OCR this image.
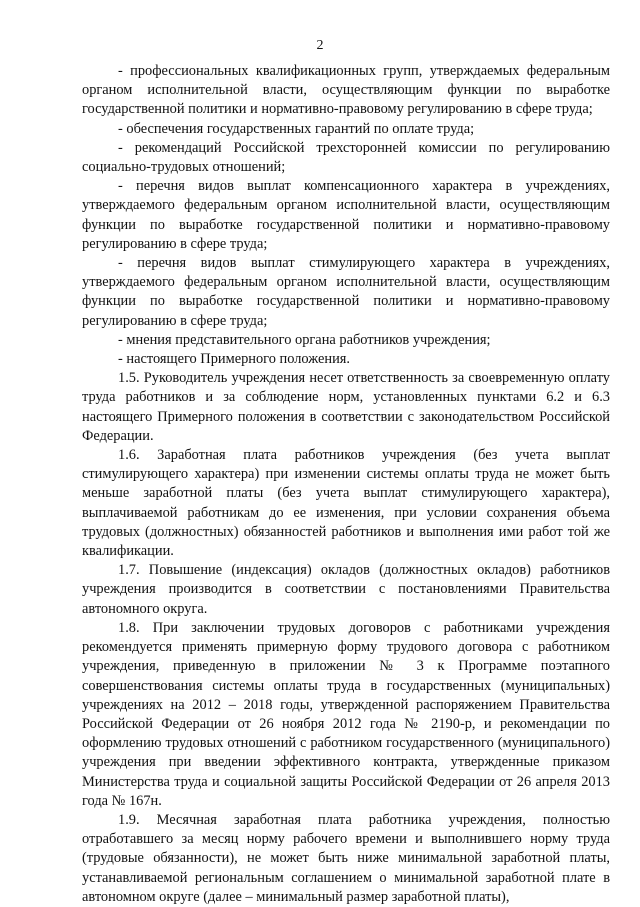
2

- профессиональных квалификационных групп, утверждаемых федеральным органом исполнительной власти, осуществляющим функции по выработке государственной политики и нормативно-правовому регулированию в сфере труда;

- обеспечения государственных гарантий по оплате труда;

- рекомендаций Российской трехсторонней комиссии по регулированию социально-трудовых отношений;

- перечня видов выплат компенсационного характера в учреждениях, утверждаемого федеральным органом исполнительной власти, осуществляющим функции по выработке государственной политики и нормативно-правовому регулированию в сфере труда;

- перечня видов выплат стимулирующего характера в учреждениях, утверждаемого федеральным органом исполнительной власти, осуществляющим функции по выработке государственной политики и нормативно-правовому регулированию в сфере труда;

- мнения представительного органа работников учреждения;

- настоящего Примерного положения.

1.5. Руководитель учреждения несет ответственность за своевременную оплату труда работников и за соблюдение норм, установленных пунктами 6.2 и 6.3 настоящего Примерного положения в соответствии с законодательством Российской Федерации.

1.6. Заработная плата работников учреждения (без учета выплат стимулирующего характера) при изменении системы оплаты труда не может быть меньше заработной платы (без учета выплат стимулирующего характера), выплачиваемой работникам до ее изменения, при условии сохранения объема трудовых (должностных) обязанностей работников и выполнения ими работ той же квалификации.

1.7. Повышение (индексация) окладов (должностных окладов) работников учреждения производится в соответствии с постановлениями Правительства автономного округа.

1.8. При заключении трудовых договоров с работниками учреждения рекомендуется применять примерную форму трудового договора с работником учреждения, приведенную в приложении № 3 к Программе поэтапного совершенствования системы оплаты труда в государственных (муниципальных) учреждениях на 2012 – 2018 годы, утвержденной распоряжением Правительства Российской Федерации от 26 ноября 2012 года № 2190-р, и рекомендации по оформлению трудовых отношений с работником государственного (муниципального) учреждения при введении эффективного контракта, утвержденные приказом Министерства труда и социальной защиты Российской Федерации от 26 апреля 2013 года № 167н.

1.9. Месячная заработная плата работника учреждения, полностью отработавшего за месяц норму рабочего времени и выполнившего норму труда (трудовые обязанности), не может быть ниже минимальной заработной платы, устанавливаемой региональным соглашением о минимальной заработной плате в автономном округе (далее – минимальный размер заработной платы),
